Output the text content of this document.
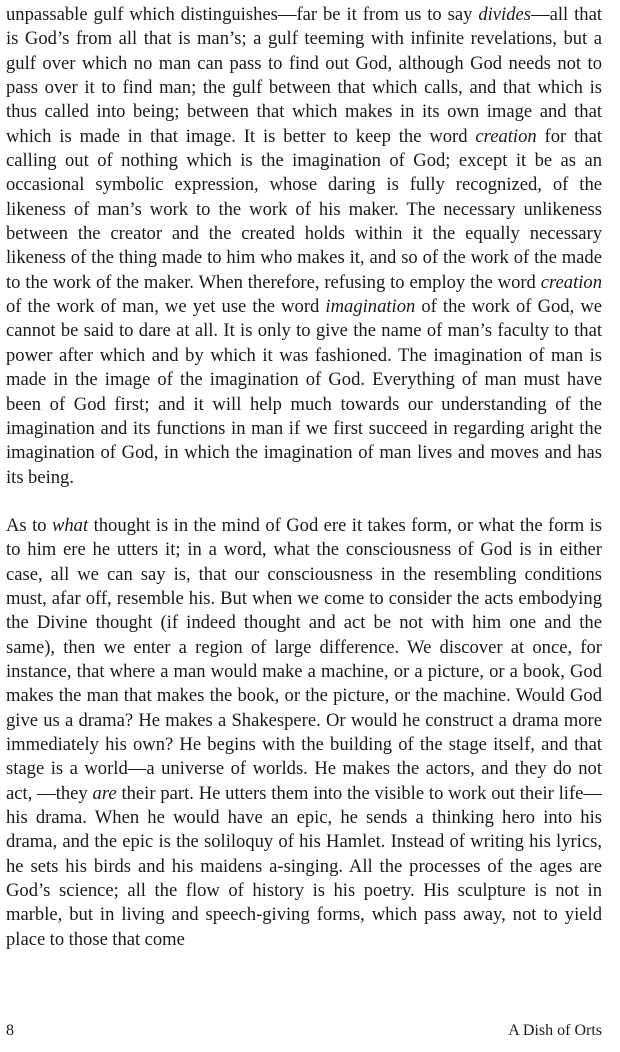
unpassable gulf which distinguishes—far be it from us to say divides—all that is God’s from all that is man’s; a gulf teeming with infinite revelations, but a gulf over which no man can pass to find out God, although God needs not to pass over it to find man; the gulf between that which calls, and that which is thus called into being; between that which makes in its own image and that which is made in that image. It is better to keep the word creation for that calling out of nothing which is the imagination of God; except it be as an occasional symbolic expression, whose daring is fully recognized, of the likeness of man’s work to the work of his maker. The necessary unlikeness between the creator and the created holds within it the equally necessary likeness of the thing made to him who makes it, and so of the work of the made to the work of the maker. When therefore, refusing to employ the word creation of the work of man, we yet use the word imagination of the work of God, we cannot be said to dare at all. It is only to give the name of man’s faculty to that power after which and by which it was fashioned. The imagination of man is made in the image of the imagination of God. Everything of man must have been of God first; and it will help much towards our understanding of the imagination and its functions in man if we first succeed in regarding aright the imagination of God, in which the imagination of man lives and moves and has its being.

As to what thought is in the mind of God ere it takes form, or what the form is to him ere he utters it; in a word, what the consciousness of God is in either case, all we can say is, that our consciousness in the resembling conditions must, afar off, resemble his. But when we come to consider the acts embodying the Divine thought (if indeed thought and act be not with him one and the same), then we enter a region of large difference. We discover at once, for instance, that where a man would make a machine, or a picture, or a book, God makes the man that makes the book, or the picture, or the machine. Would God give us a drama? He makes a Shakespere. Or would he construct a drama more immediately his own? He begins with the building of the stage itself, and that stage is a world—a universe of worlds. He makes the actors, and they do not act, —they are their part. He utters them into the visible to work out their life—his drama. When he would have an epic, he sends a thinking hero into his drama, and the epic is the soliloquy of his Hamlet. Instead of writing his lyrics, he sets his birds and his maidens a-singing. All the processes of the ages are God’s science; all the flow of history is his poetry. His sculpture is not in marble, but in living and speech-giving forms, which pass away, not to yield place to those that come

8	A Dish of Orts
